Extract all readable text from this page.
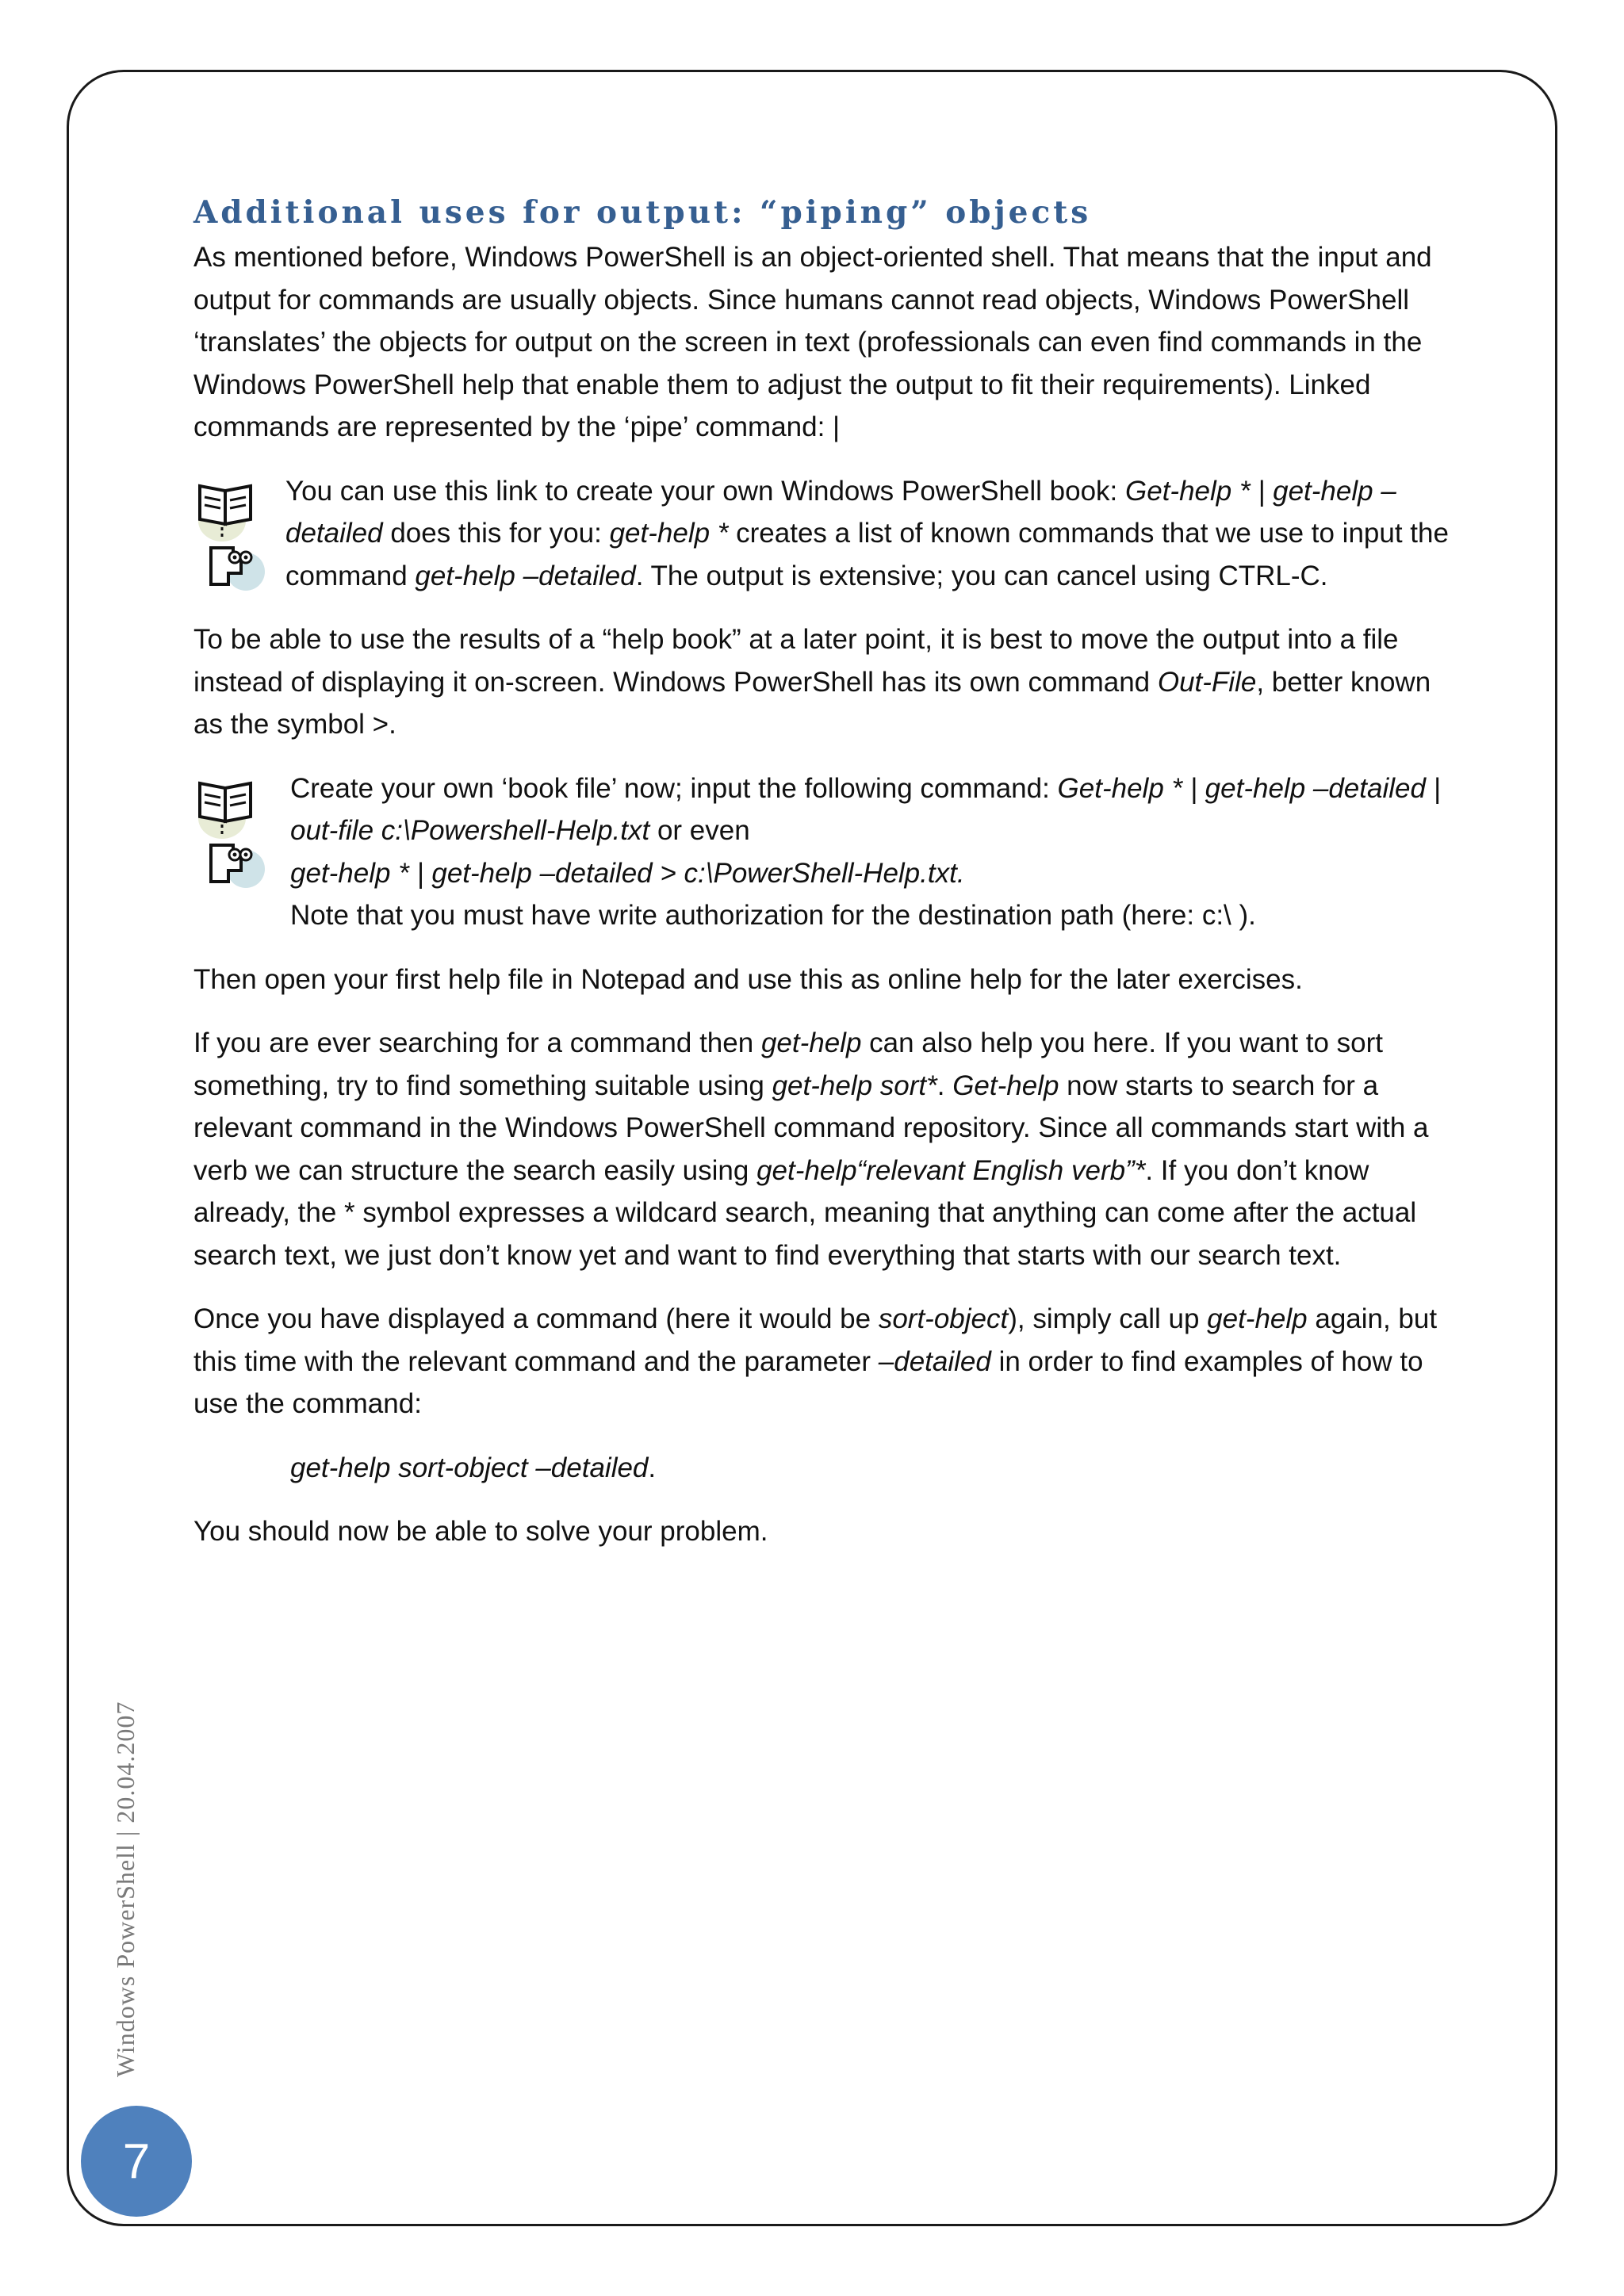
Additional uses for output: “piping” objects

As mentioned before, Windows PowerShell is an object-oriented shell. That means that the input and output for commands are usually objects. Since humans cannot read objects, Windows PowerShell ‘translates’ the objects for output on the screen in text (professionals can even find commands in the Windows PowerShell help that enable them to adjust the output to fit their requirements). Linked commands are represented by the ‘pipe’ command: |

You can use this link to create your own Windows PowerShell book: Get-help * | get-help –detailed does this for you: get-help * creates a list of known commands that we use to input the command get-help –detailed. The output is extensive; you can cancel using CTRL-C.

To be able to use the results of a “help book” at a later point, it is best to move the output into a file instead of displaying it on-screen. Windows PowerShell has its own command Out-File, better known as the symbol >.

Create your own ‘book file’ now; input the following command: Get-help * | get-help –detailed | out-file c:\Powershell-Help.txt or even
get-help * | get-help –detailed > c:\PowerShell-Help.txt.
Note that you must have write authorization for the destination path (here: c:\ ).

Then open your first help file in Notepad and use this as online help for the later exercises.

If you are ever searching for a command then get-help can also help you here. If you want to sort something, try to find something suitable using get-help sort*. Get-help now starts to search for a relevant command in the Windows PowerShell command repository. Since all commands start with a verb we can structure the search easily using get-help“relevant English verb”*. If you don’t know already, the * symbol expresses a wildcard search, meaning that anything can come after the actual search text, we just don’t know yet and want to find everything that starts with our search text.

Once you have displayed a command (here it would be sort-object), simply call up get-help again, but this time with the relevant command and the parameter –detailed in order to find examples of how to use the command:

get-help sort-object –detailed.

You should now be able to solve your problem.

Windows PowerShell | 20.04.2007
7
